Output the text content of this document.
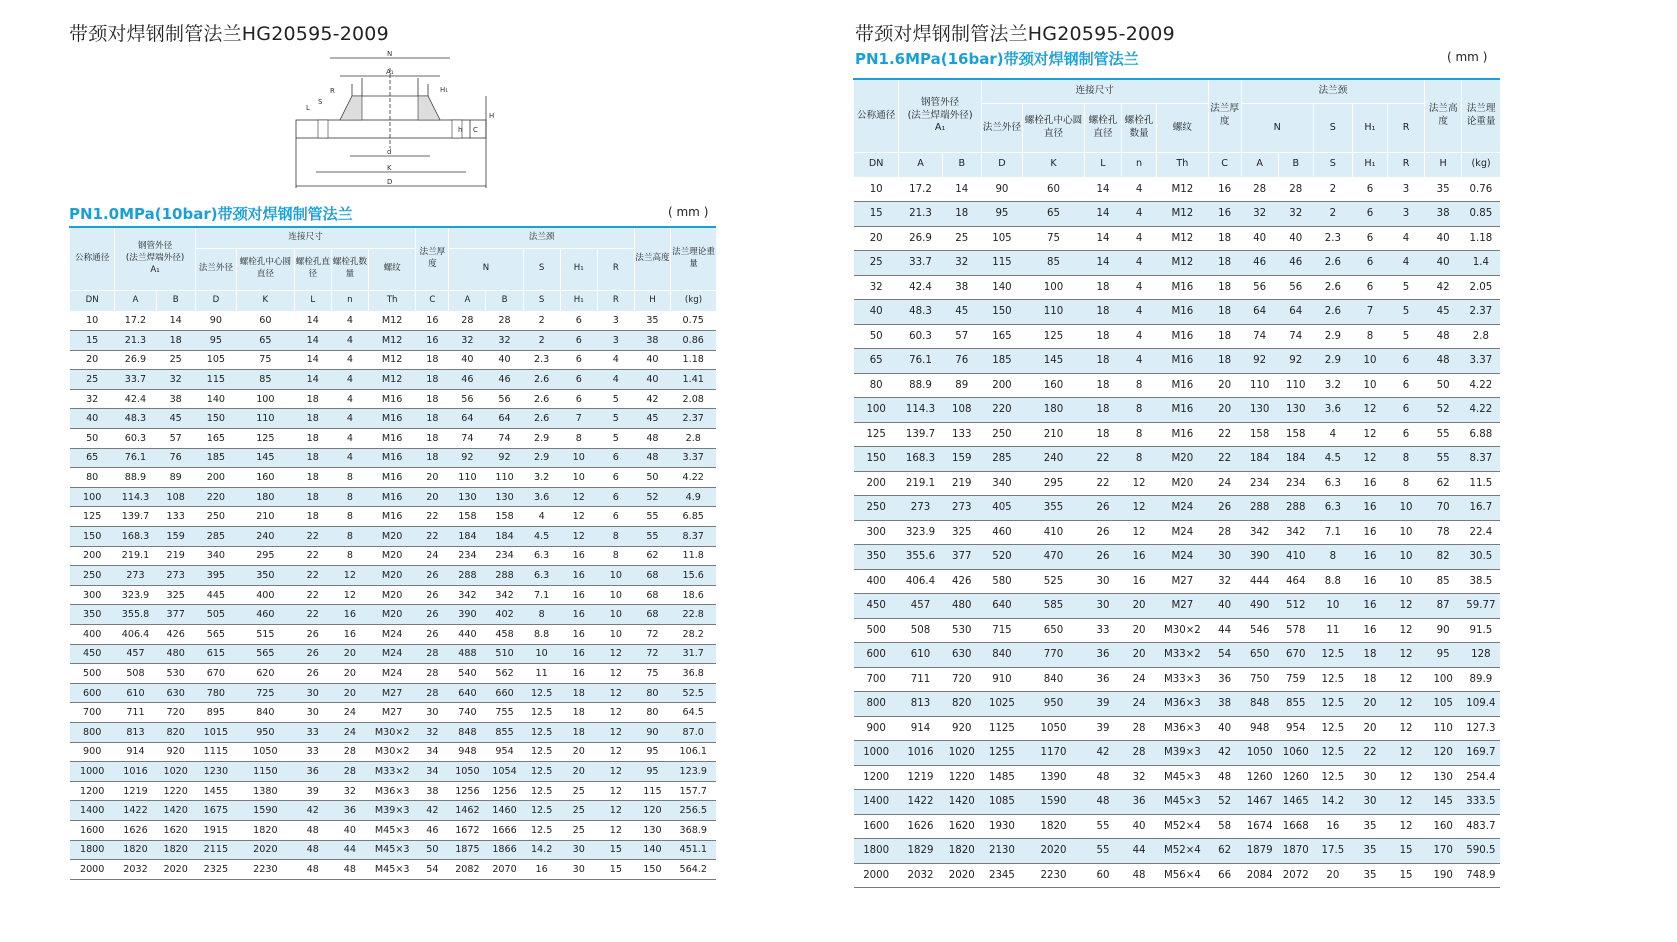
带颈对焊钢制管法兰HG20595-2009
N
A₁
d
K
D
H
C
R
S
L
H₁
h
PN1.0MPa(10bar)带颈对焊钢制管法兰	( mm )
公称通径	钢管外径
(法兰焊端外径)
A₁		连接尺寸					法兰厚度	法兰颈					法兰高度	法兰理论重量
			法兰外径	螺栓孔中心圆直径	螺栓孔直径	螺栓孔数量	螺纹		N		S	H₁	R		

DN	A	B	D	K	L	n	Th	C	A	B	S	H₁	R	H	(kg)
10	17.2	14	90	60	14	4	M12	16	28	28	2	6	3	35	0.75
15	21.3	18	95	65	14	4	M12	16	32	32	2	6	3	38	0.86
20	26.9	25	105	75	14	4	M12	18	40	40	2.3	6	4	40	1.18
25	33.7	32	115	85	14	4	M12	18	46	46	2.6	6	4	40	1.41
32	42.4	38	140	100	18	4	M16	18	56	56	2.6	6	5	42	2.08
40	48.3	45	150	110	18	4	M16	18	64	64	2.6	7	5	45	2.37
50	60.3	57	165	125	18	4	M16	18	74	74	2.9	8	5	48	2.8
65	76.1	76	185	145	18	4	M16	18	92	92	2.9	10	6	48	3.37
80	88.9	89	200	160	18	8	M16	20	110	110	3.2	10	6	50	4.22
100	114.3	108	220	180	18	8	M16	20	130	130	3.6	12	6	52	4.9
125	139.7	133	250	210	18	8	M16	22	158	158	4	12	6	55	6.85
150	168.3	159	285	240	22	8	M20	22	184	184	4.5	12	8	55	8.37
200	219.1	219	340	295	22	8	M20	24	234	234	6.3	16	8	62	11.8
250	273	273	395	350	22	12	M20	26	288	288	6.3	16	10	68	15.6
300	323.9	325	445	400	22	12	M20	26	342	342	7.1	16	10	68	18.6
350	355.8	377	505	460	22	16	M20	26	390	402	8	16	10	68	22.8
400	406.4	426	565	515	26	16	M24	26	440	458	8.8	16	10	72	28.2
450	457	480	615	565	26	20	M24	28	488	510	10	16	12	72	31.7
500	508	530	670	620	26	20	M24	28	540	562	11	16	12	75	36.8
600	610	630	780	725	30	20	M27	28	640	660	12.5	18	12	80	52.5
700	711	720	895	840	30	24	M27	30	740	755	12.5	18	12	80	64.5
800	813	820	1015	950	33	24	M30×2	32	848	855	12.5	18	12	90	87.0
900	914	920	1115	1050	33	28	M30×2	34	948	954	12.5	20	12	95	106.1
1000	1016	1020	1230	1150	36	28	M33×2	34	1050	1054	12.5	20	12	95	123.9
1200	1219	1220	1455	1380	39	32	M36×3	38	1256	1256	12.5	25	12	115	157.7
1400	1422	1420	1675	1590	42	36	M39×3	42	1462	1460	12.5	25	12	120	256.5
1600	1626	1620	1915	1820	48	40	M45×3	46	1672	1666	12.5	25	12	130	368.9
1800	1820	1820	2115	2020	48	44	M45×3	50	1875	1866	14.2	30	15	140	451.1
2000	2032	2020	2325	2230	48	48	M45×3	54	2082	2070	16	30	15	150	564.2
带颈对焊钢制管法兰HG20595-2009
PN1.6MPa(16bar)带颈对焊钢制管法兰	( mm )
公称通径	钢管外径
(法兰焊端外径)
A₁		连接尺寸					法兰厚度	法兰颈					法兰高度	法兰理论重量
			法兰外径	螺栓孔中心圆直径	螺栓孔直径	螺栓孔数量	螺纹		N		S	H₁	R		

DN	A	B	D	K	L	n	Th	C	A	B	S	H₁	R	H	(kg)
10	17.2	14	90	60	14	4	M12	16	28	28	2	6	3	35	0.76
15	21.3	18	95	65	14	4	M12	16	32	32	2	6	3	38	0.85
20	26.9	25	105	75	14	4	M12	18	40	40	2.3	6	4	40	1.18
25	33.7	32	115	85	14	4	M12	18	46	46	2.6	6	4	40	1.4
32	42.4	38	140	100	18	4	M16	18	56	56	2.6	6	5	42	2.05
40	48.3	45	150	110	18	4	M16	18	64	64	2.6	7	5	45	2.37
50	60.3	57	165	125	18	4	M16	18	74	74	2.9	8	5	48	2.8
65	76.1	76	185	145	18	4	M16	18	92	92	2.9	10	6	48	3.37
80	88.9	89	200	160	18	8	M16	20	110	110	3.2	10	6	50	4.22
100	114.3	108	220	180	18	8	M16	20	130	130	3.6	12	6	52	4.22
125	139.7	133	250	210	18	8	M16	22	158	158	4	12	6	55	6.88
150	168.3	159	285	240	22	8	M20	22	184	184	4.5	12	8	55	8.37
200	219.1	219	340	295	22	12	M20	24	234	234	6.3	16	8	62	11.5
250	273	273	405	355	26	12	M24	26	288	288	6.3	16	10	70	16.7
300	323.9	325	460	410	26	12	M24	28	342	342	7.1	16	10	78	22.4
350	355.6	377	520	470	26	16	M24	30	390	410	8	16	10	82	30.5
400	406.4	426	580	525	30	16	M27	32	444	464	8.8	16	10	85	38.5
450	457	480	640	585	30	20	M27	40	490	512	10	16	12	87	59.77
500	508	530	715	650	33	20	M30×2	44	546	578	11	16	12	90	91.5
600	610	630	840	770	36	20	M33×2	54	650	670	12.5	18	12	95	128
700	711	720	910	840	36	24	M33×3	36	750	759	12.5	18	12	100	89.9
800	813	820	1025	950	39	24	M36×3	38	848	855	12.5	20	12	105	109.4
900	914	920	1125	1050	39	28	M36×3	40	948	954	12.5	20	12	110	127.3
1000	1016	1020	1255	1170	42	28	M39×3	42	1050	1060	12.5	22	12	120	169.7
1200	1219	1220	1485	1390	48	32	M45×3	48	1260	1260	12.5	30	12	130	254.4
1400	1422	1420	1085	1590	48	36	M45×3	52	1467	1465	14.2	30	12	145	333.5
1600	1626	1620	1930	1820	55	40	M52×4	58	1674	1668	16	35	12	160	483.7
1800	1829	1820	2130	2020	55	44	M52×4	62	1879	1870	17.5	35	15	170	590.5
2000	2032	2020	2345	2230	60	48	M56×4	66	2084	2072	20	35	15	190	748.9
